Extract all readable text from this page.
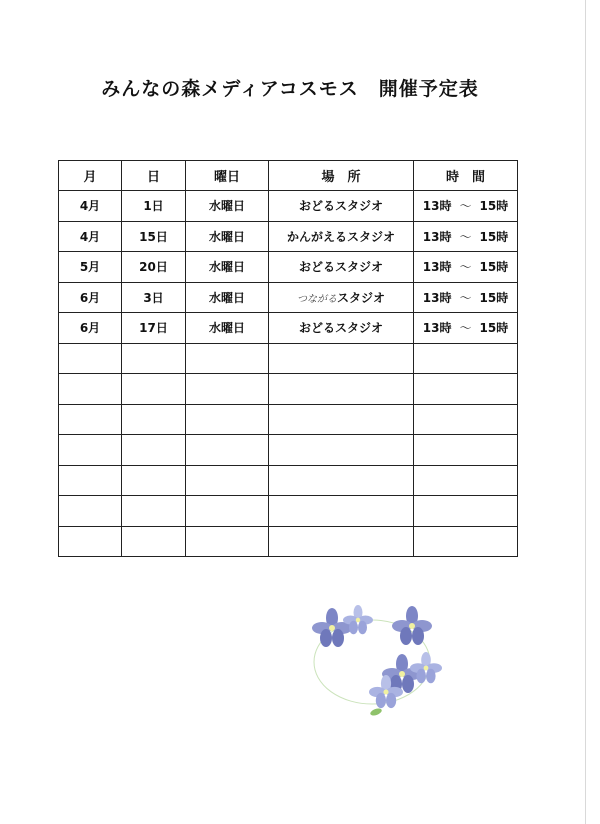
みんなの森メディアコスモス　開催予定表
月	日	曜日	場　所	時　間
4月	1日	水曜日	おどるスタジオ	13時 ～ 15時
4月	15日	水曜日	かんがえるスタジオ	13時 ～ 15時
5月	20日	水曜日	おどるスタジオ	13時 ～ 15時
6月	3日	水曜日	つながるスタジオ	13時 ～ 15時
6月	17日	水曜日	おどるスタジオ	13時 ～ 15時
